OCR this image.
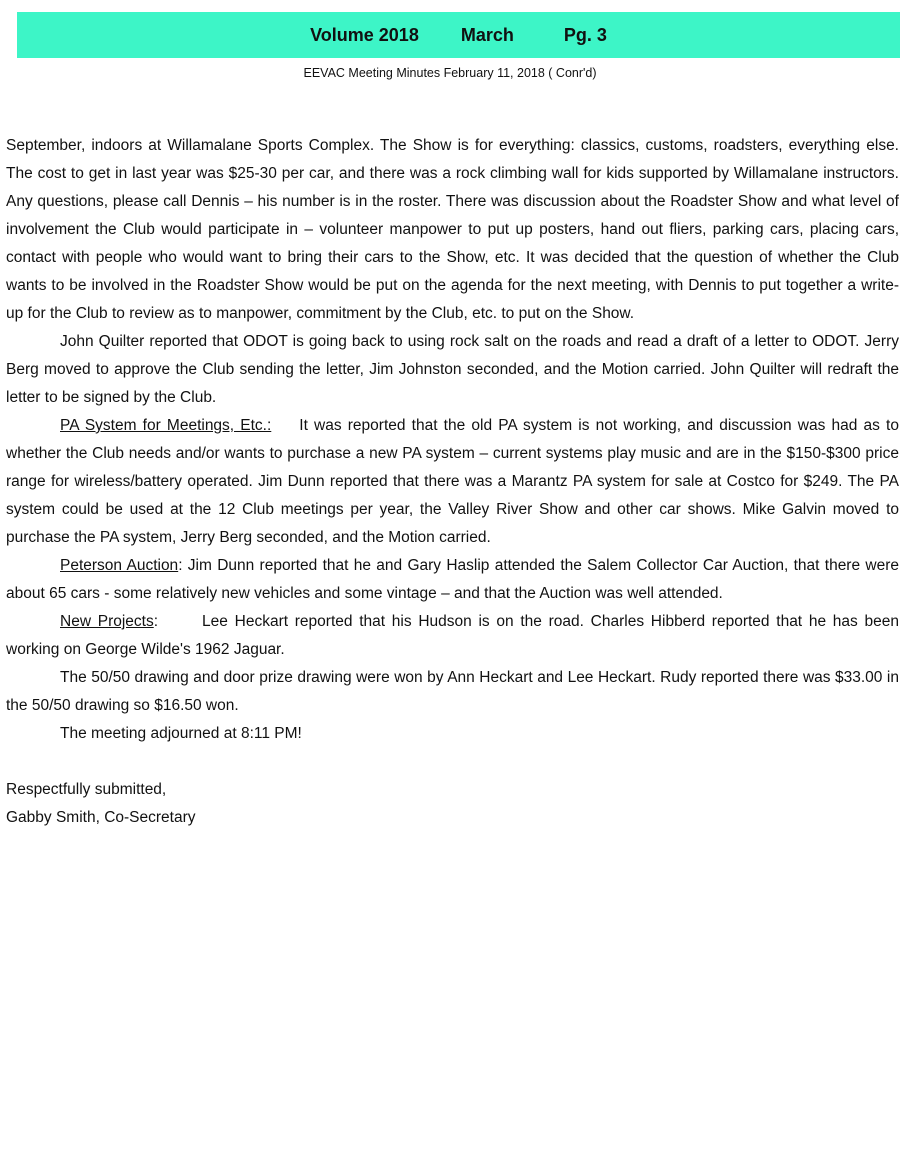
Volume 2018 March	Pg. 3
EEVAC Meeting Minutes February 11, 2018 ( Conr'd)

September, indoors at Willamalane Sports Complex. The Show is for everything: classics, customs, roadsters, everything else. The cost to get in last year was $25-30 per car, and there was a rock climbing wall for kids supported by Willamalane instructors. Any questions, please call Dennis – his number is in the roster. There was discussion about the Roadster Show and what level of involvement the Club would participate in – volunteer manpower to put up posters, hand out fliers, parking cars, placing cars, contact with people who would want to bring their cars to the Show, etc. It was decided that the question of whether the Club wants to be involved in the Roadster Show would be put on the agenda for the next meeting, with Dennis to put together a write-up for the Club to review as to manpower, commitment by the Club, etc. to put on the Show.

John Quilter reported that ODOT is going back to using rock salt on the roads and read a draft of a letter to ODOT. Jerry Berg moved to approve the Club sending the letter, Jim Johnston seconded, and the Motion carried. John Quilter will redraft the letter to be signed by the Club.

PA System for Meetings, Etc.: It was reported that the old PA system is not working, and discussion was had as to whether the Club needs and/or wants to purchase a new PA system – current systems play music and are in the $150-$300 price range for wireless/battery operated. Jim Dunn reported that there was a Marantz PA system for sale at Costco for $249. The PA system could be used at the 12 Club meetings per year, the Valley River Show and other car shows. Mike Galvin moved to purchase the PA system, Jerry Berg seconded, and the Motion carried.

Peterson Auction: Jim Dunn reported that he and Gary Haslip attended the Salem Collector Car Auction, that there were about 65 cars - some relatively new vehicles and some vintage – and that the Auction was well attended.

New Projects:	Lee Heckart reported that his Hudson is on the road. Charles Hibberd reported that he has been working on George Wilde's 1962 Jaguar.

The 50/50 drawing and door prize drawing were won by Ann Heckart and Lee Heckart. Rudy reported there was $33.00 in the 50/50 drawing so $16.50 won.

The meeting adjourned at 8:11 PM!

Respectfully submitted,

Gabby Smith, Co-Secretary
